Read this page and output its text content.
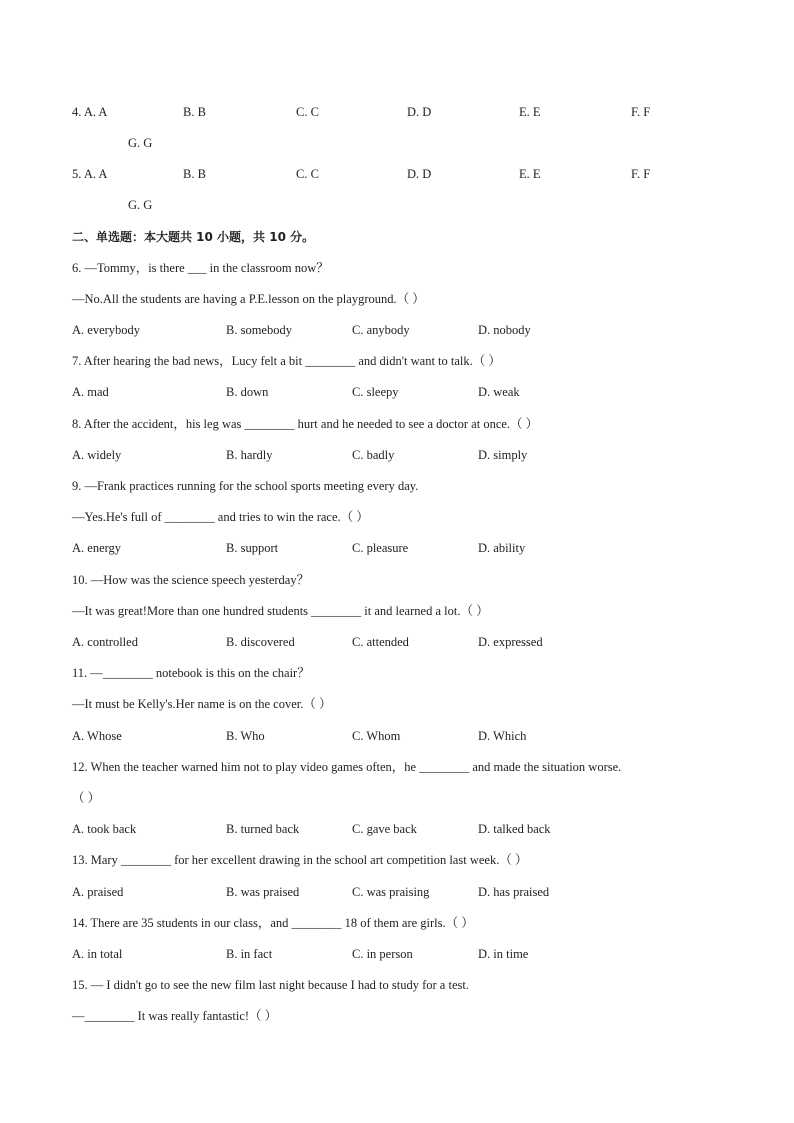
4. A. A	B. B	C. C	D. D	E. E	F. F
G. G
5. A. A	B. B	C. C	D. D	E. E	F. F
G. G
二、单选题：本大题共 10 小题，共 10 分。
6. —Tommy，is there ___ in the classroom now？
—No.All the students are having a P.E.lesson on the playground.（ ）
A. everybody	B. somebody	C. anybody	D. nobody
7. After hearing the bad news，Lucy felt a bit ________ and didn't want to talk.（ ）
A. mad	B. down	C. sleepy	D. weak
8. After the accident，his leg was ________ hurt and he needed to see a doctor at once.（ ）
A. widely	B. hardly	C. badly	D. simply
9. —Frank practices running for the school sports meeting every day.
—Yes.He's full of ________ and tries to win the race.（ ）
A. energy	B. support	C. pleasure	D. ability
10. —How was the science speech yesterday？
—It was great!More than one hundred students ________ it and learned a lot.（ ）
A. controlled	B. discovered	C. attended	D. expressed
11. —________ notebook is this on the chair？
—It must be Kelly's.Her name is on the cover.（ ）
A. Whose	B. Who	C. Whom	D. Which
12. When the teacher warned him not to play video games often，he ________ and made the situation worse.
（ ）
A. took back	B. turned back	C. gave back	D. talked back
13. Mary ________ for her excellent drawing in the school art competition last week.（ ）
A. praised	B. was praised	C. was praising	D. has praised
14. There are 35 students in our class，and ________ 18 of them are girls.（ ）
A. in total	B. in fact	C. in person	D. in time
15. — I didn't go to see the new film last night because I had to study for a test.
—________ It was really fantastic!（ ）
